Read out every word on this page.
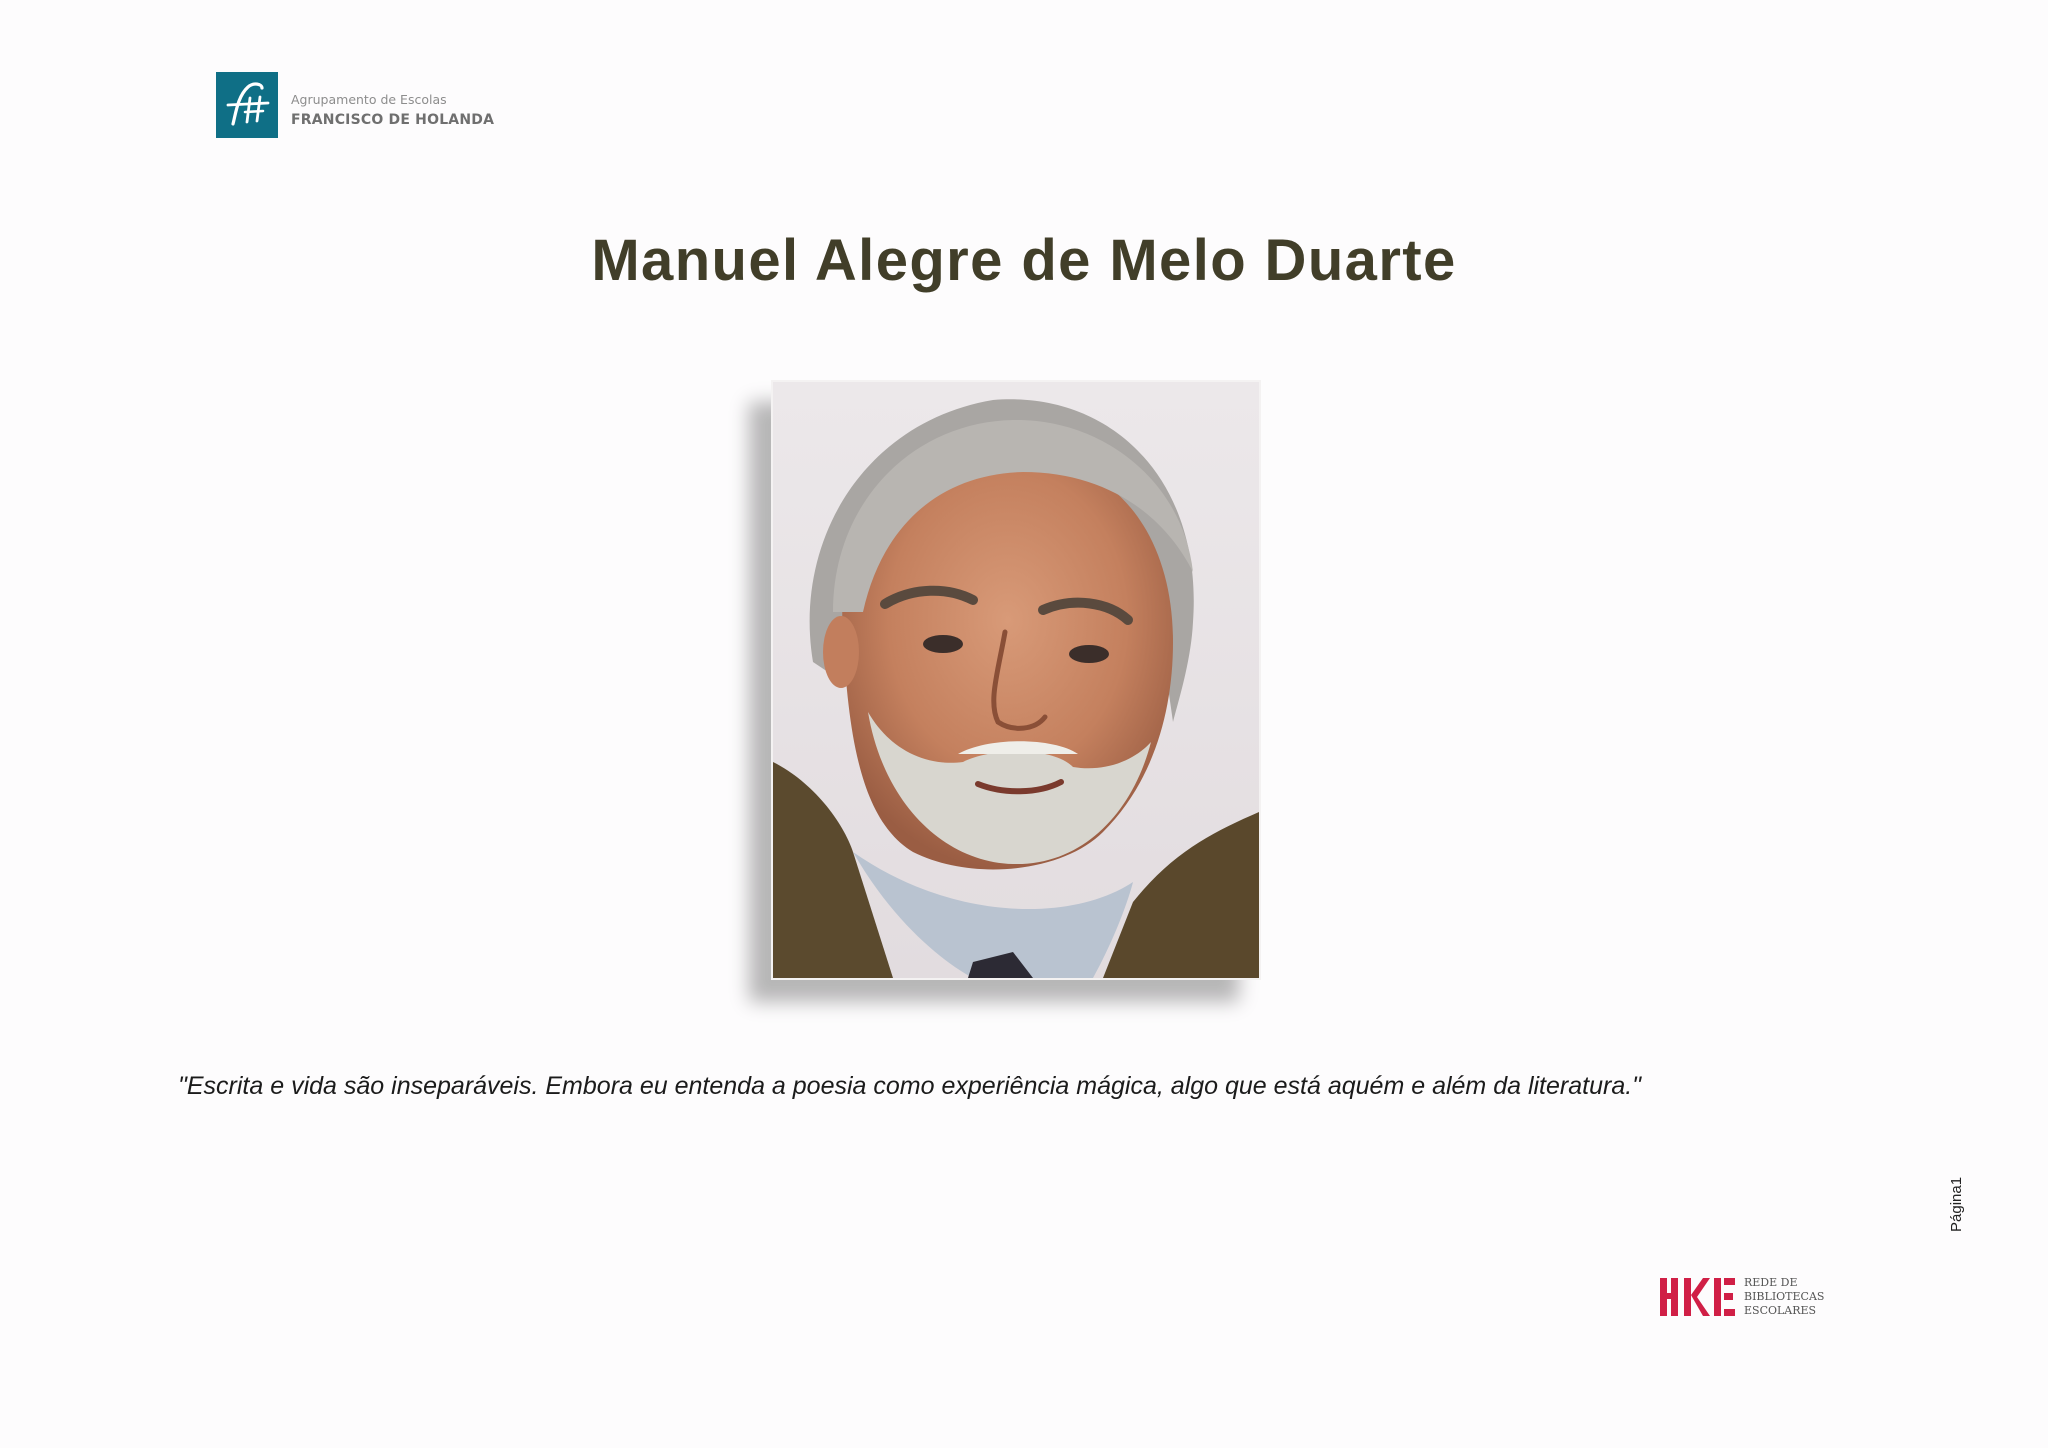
Agrupamento de Escolas
FRANCISCO DE HOLANDA
Manuel Alegre de Melo Duarte
"Escrita e vida são inseparáveis. Embora eu entenda a poesia como experiência mágica, algo que está aquém e além da literatura."
Página1
REDE DE
BIBLIOTECAS
ESCOLARES
